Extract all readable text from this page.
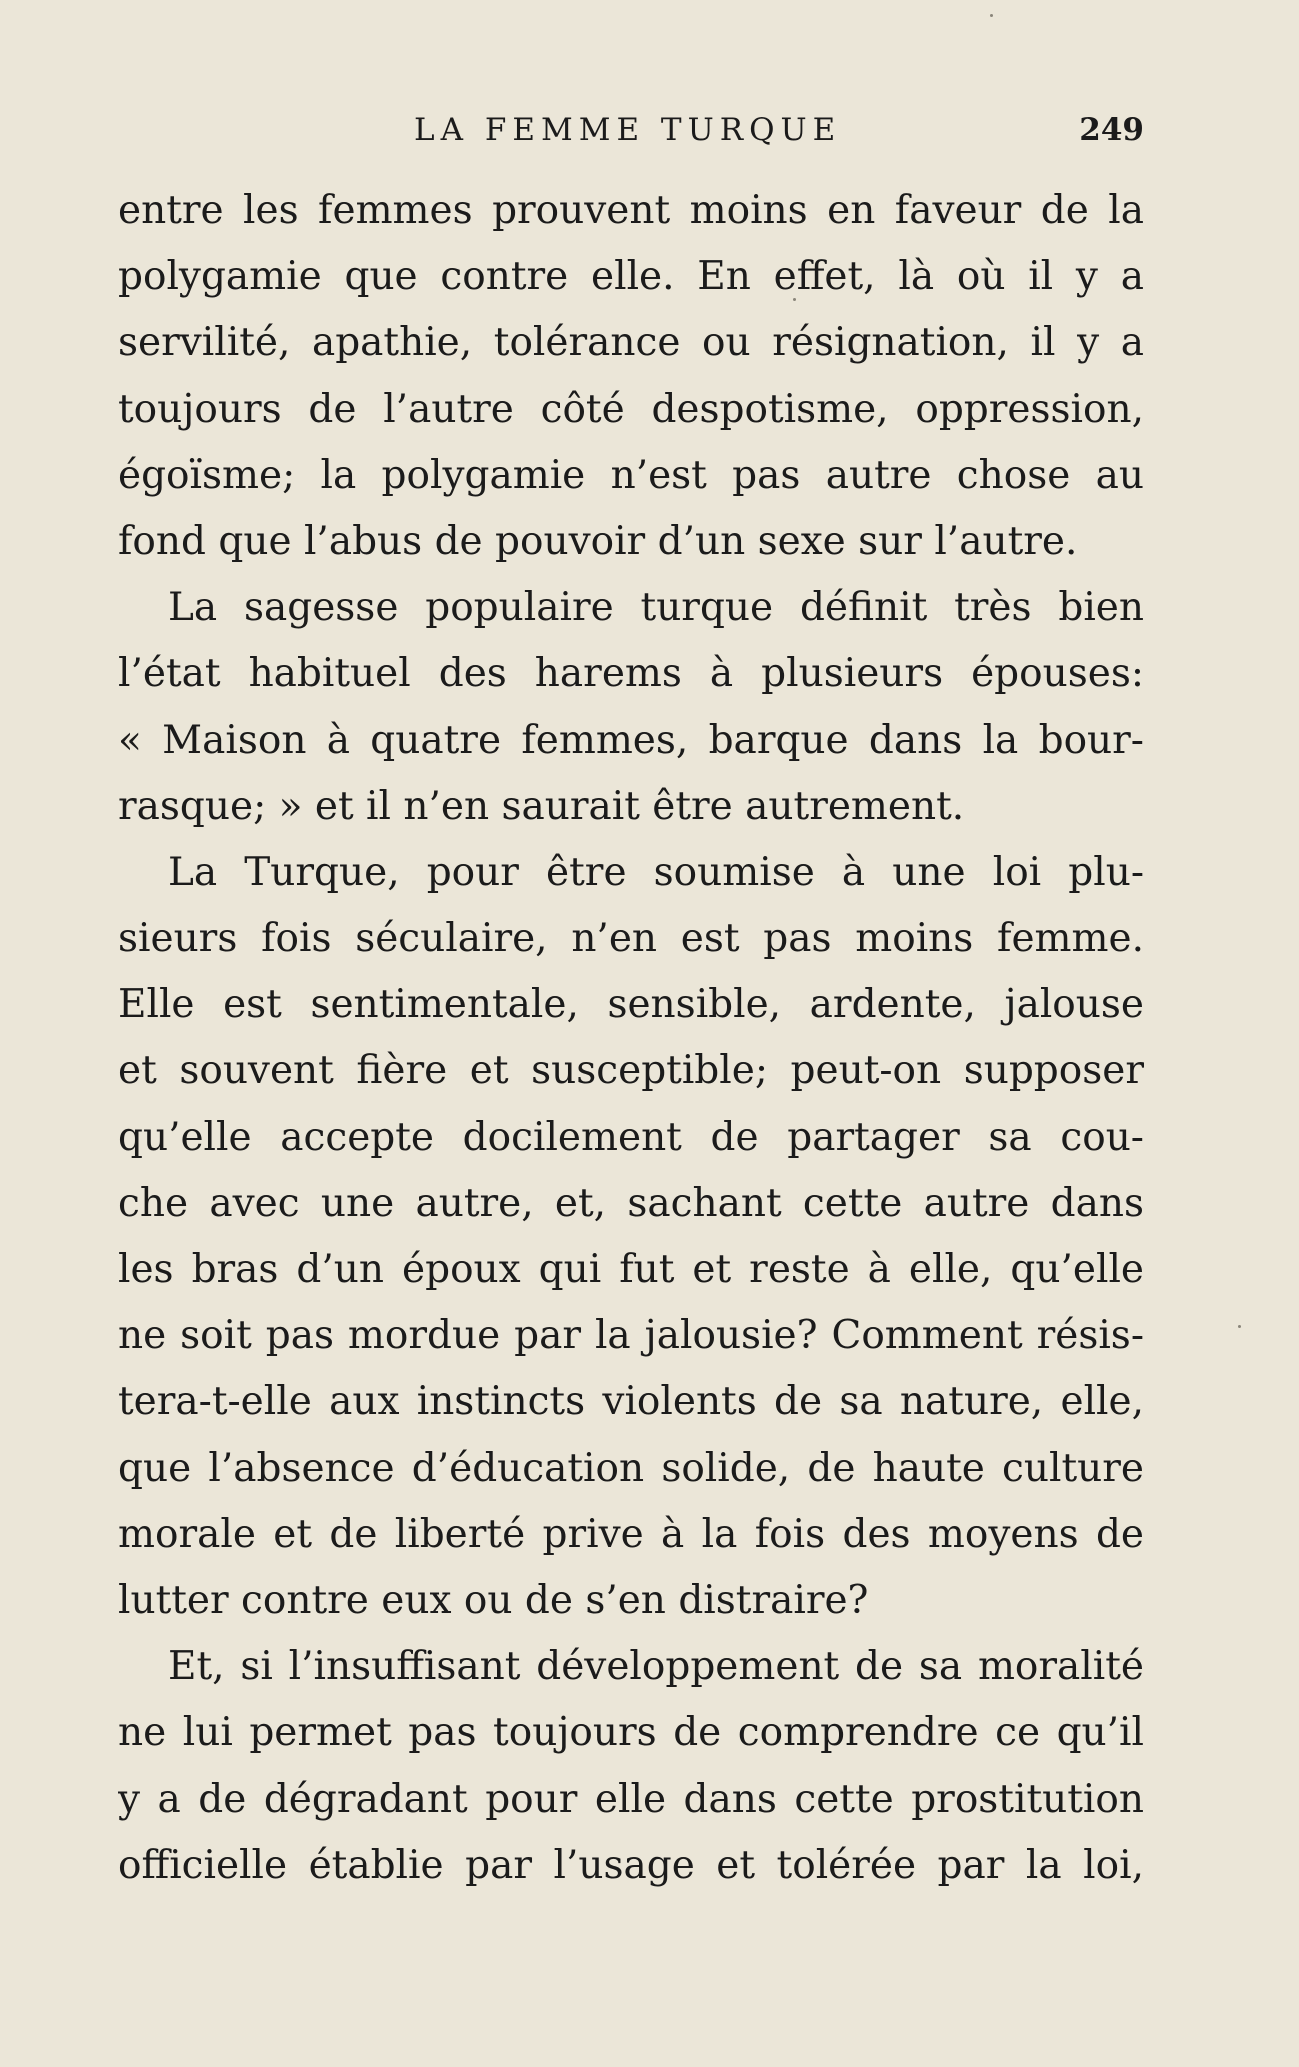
LA FEMME TURQUE	249
entre les femmes prouvent moins en faveur de la
polygamie que contre elle. En effet, là où il y a
servilité, apathie, tolérance ou résignation, il y a
toujours de l’autre côté despotisme, oppression,
égoïsme; la polygamie n’est pas autre chose au
fond que l’abus de pouvoir d’un sexe sur l’autre.
La sagesse populaire turque définit très bien
l’état habituel des harems à plusieurs épouses:
« Maison à quatre femmes, barque dans la bour-
rasque; » et il n’en saurait être autrement.
La Turque, pour être soumise à une loi plu-
sieurs fois séculaire, n’en est pas moins femme.
Elle est sentimentale, sensible, ardente, jalouse
et souvent fière et susceptible; peut-on supposer
qu’elle accepte docilement de partager sa cou-
che avec une autre, et, sachant cette autre dans
les bras d’un époux qui fut et reste à elle, qu’elle
ne soit pas mordue par la jalousie? Comment résis-
tera-t-elle aux instincts violents de sa nature, elle,
que l’absence d’éducation solide, de haute culture
morale et de liberté prive à la fois des moyens de
lutter contre eux ou de s’en distraire?
Et, si l’insuffisant développement de sa moralité
ne lui permet pas toujours de comprendre ce qu’il
y a de dégradant pour elle dans cette prostitution
officielle établie par l’usage et tolérée par la loi,
